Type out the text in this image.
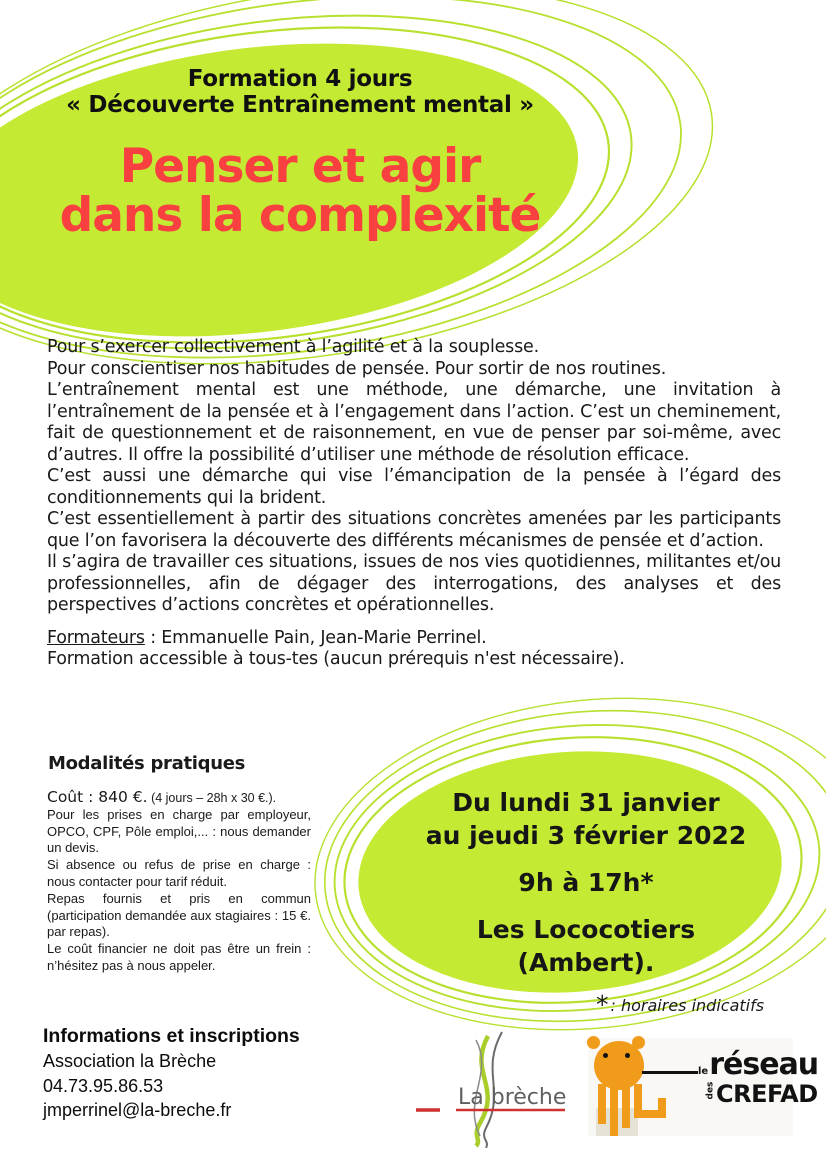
Formation 4 jours
« Découverte Entraînement mental »
Penser et agir
dans la complexité

Pour s’exercer collectivement à l’agilité et à la souplesse.

Pour conscientiser nos habitudes de pensée. Pour sortir de nos routines.

L’entraînement mental est une méthode, une démarche, une invitation à l’entraînement de la pensée et à l’engagement dans l’action. C’est un cheminement, fait de questionnement et de raisonnement, en vue de penser par soi-même, avec d’autres. Il offre la possibilité d’utiliser une méthode de résolution efficace.

C’est aussi une démarche qui vise l’émancipation de la pensée à l’égard des conditionnements qui la brident.

C’est essentiellement à partir des situations concrètes amenées par les participants que l’on favorisera la découverte des différents mécanismes de pensée et d’action.

Il s’agira de travailler ces situations, issues de nos vies quotidiennes, militantes et/ou professionnelles, afin de dégager des interrogations, des analyses et des perspectives d’actions concrètes et opérationnelles.

Formateurs : Emmanuelle Pain, Jean-Marie Perrinel.

Formation accessible à tous-tes (aucun prérequis n'est nécessaire).

Modalités pratiques

Coût : 840 €. (4 jours – 28h x 30 €.).

Pour les prises en charge par employeur, OPCO, CPF, Pôle emploi,... : nous demander un devis.

Si absence ou refus de prise en charge : nous contacter pour tarif réduit.

Repas fournis et pris en commun (participation demandée aux stagiaires : 15 €. par repas).

Le coût financier ne doit pas être un frein : n’hésitez pas à nous appeler.

Du lundi 31 janvier
au jeudi 3 février 2022
9h à 17h*
Les Lococotiers
(Ambert).
* : horaires indicatifs
Informations et inscriptions
Association la Brèche
04.73.95.86.53
jmperrinel@la-breche.fr	La brèche
le réseau
des CREFAD
